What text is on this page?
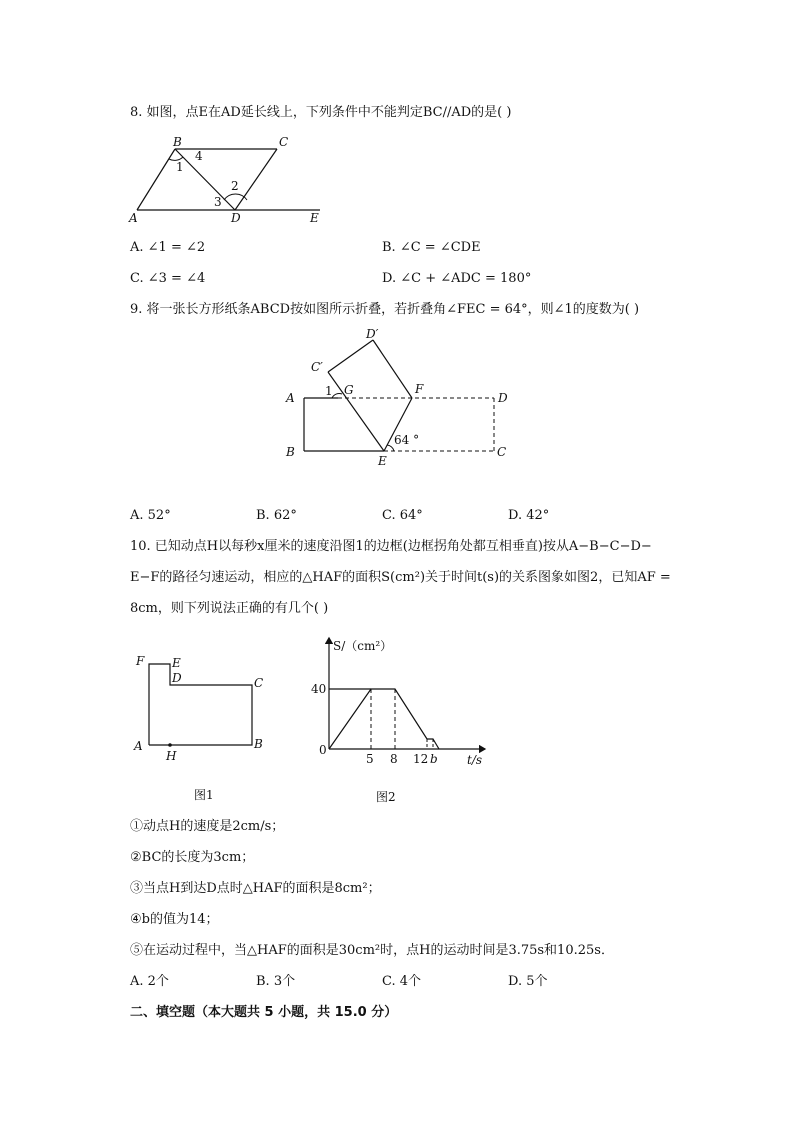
8. 如图，点E在AD延长线上，下列条件中不能判定BC//AD的是( )
B	C
A	D	E
1
4
2
3
A. ∠1 = ∠2	B. ∠C = ∠CDE
C. ∠3 = ∠4	D. ∠C + ∠ADC = 180°
9. 将一张长方形纸条ABCD按如图所示折叠，若折叠角∠FEC = 64°，则∠1的度数为( )
D′
C′
A	1 G	F
D
B
E
C
64 °
A. 52°	B. 62°	C. 64°	D. 42°
10. 已知动点H以每秒x厘米的速度沿图1的边框(边框拐角处都互相垂直)按从A−B−C−D−
E−F的路径匀速运动，相应的△HAF的面积S(cm²)关于时间t(s)的关系图象如图2，已知AF =
8cm，则下列说法正确的有几个( )
F E
D	C
A	B
H
图1
S/（cm²）
40
0
5 8 12 b t/s
图2
①动点H的速度是2cm/s；
②BC的长度为3cm；
③当点H到达D点时△HAF的面积是8cm²；
④b的值为14；
⑤在运动过程中，当△HAF的面积是30cm²时，点H的运动时间是3.75s和10.25s．
A. 2个	B. 3个	C. 4个	D. 5个
二、填空题（本大题共 5 小题，共 15.0 分）
